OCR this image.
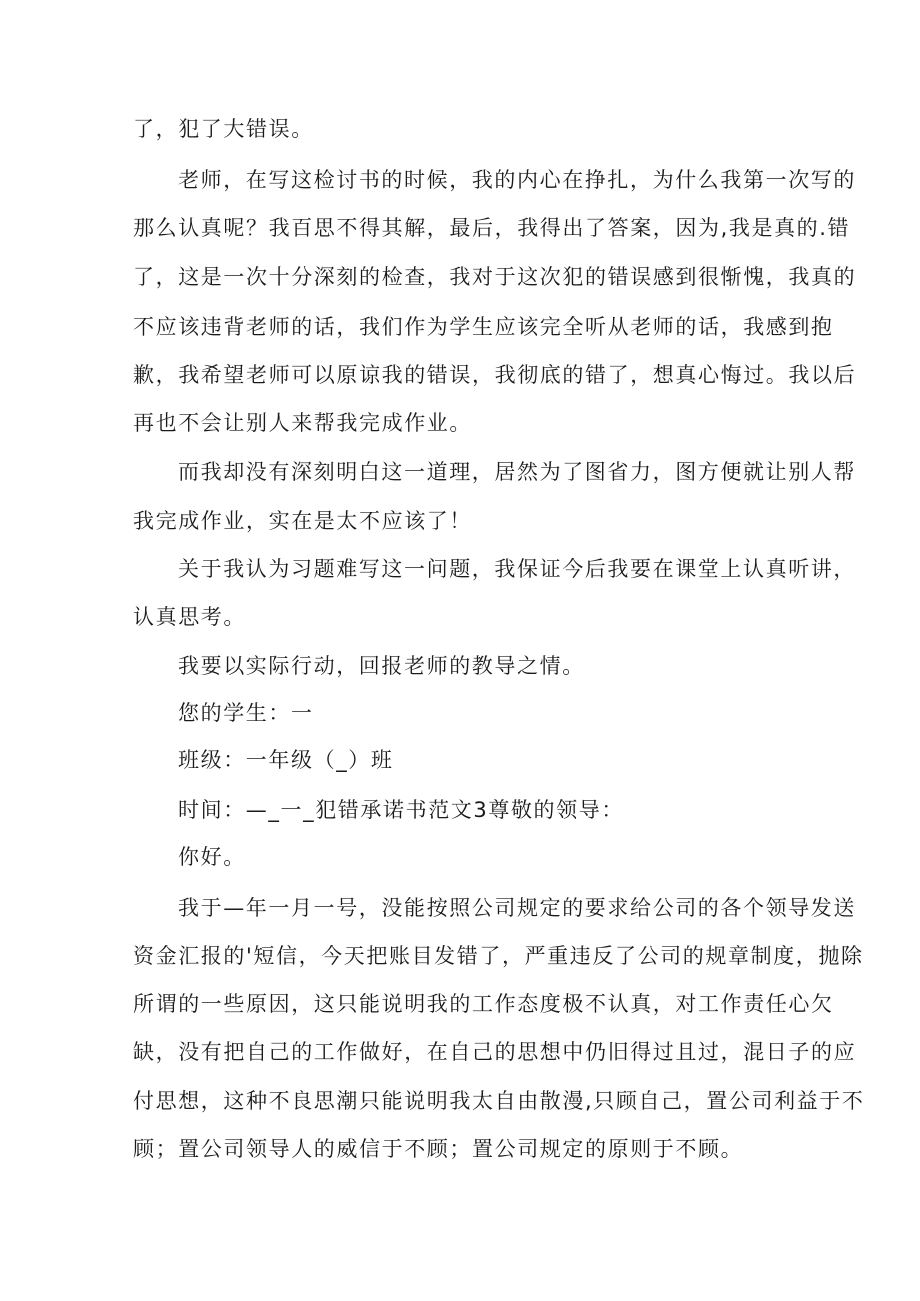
了，犯了大错误。
老师，在写这检讨书的时候，我的内心在挣扎，为什么我第一次写的
那么认真呢？我百思不得其解，最后，我得出了答案，因为,我是真的.错
了，这是一次十分深刻的检查，我对于这次犯的错误感到很惭愧，我真的
不应该违背老师的话，我们作为学生应该完全听从老师的话，我感到抱
歉，我希望老师可以原谅我的错误，我彻底的错了，想真心悔过。我以后
再也不会让别人来帮我完成作业。
而我却没有深刻明白这一道理，居然为了图省力，图方便就让别人帮
我完成作业，实在是太不应该了！
关于我认为习题难写这一问题，我保证今后我要在课堂上认真听讲，
认真思考。
我要以实际行动，回报老师的教导之情。
您的学生：一
班级：一年级（_）班
时间：—_一_犯错承诺书范文3尊敬的领导：
你好。
我于—年一月一号，没能按照公司规定的要求给公司的各个领导发送
资金汇报的'短信，今天把账目发错了，严重违反了公司的规章制度，抛除
所谓的一些原因，这只能说明我的工作态度极不认真，对工作责任心欠
缺，没有把自己的工作做好，在自己的思想中仍旧得过且过，混日子的应
付思想，这种不良思潮只能说明我太自由散漫,只顾自己，置公司利益于不
顾；置公司领导人的威信于不顾；置公司规定的原则于不顾。
